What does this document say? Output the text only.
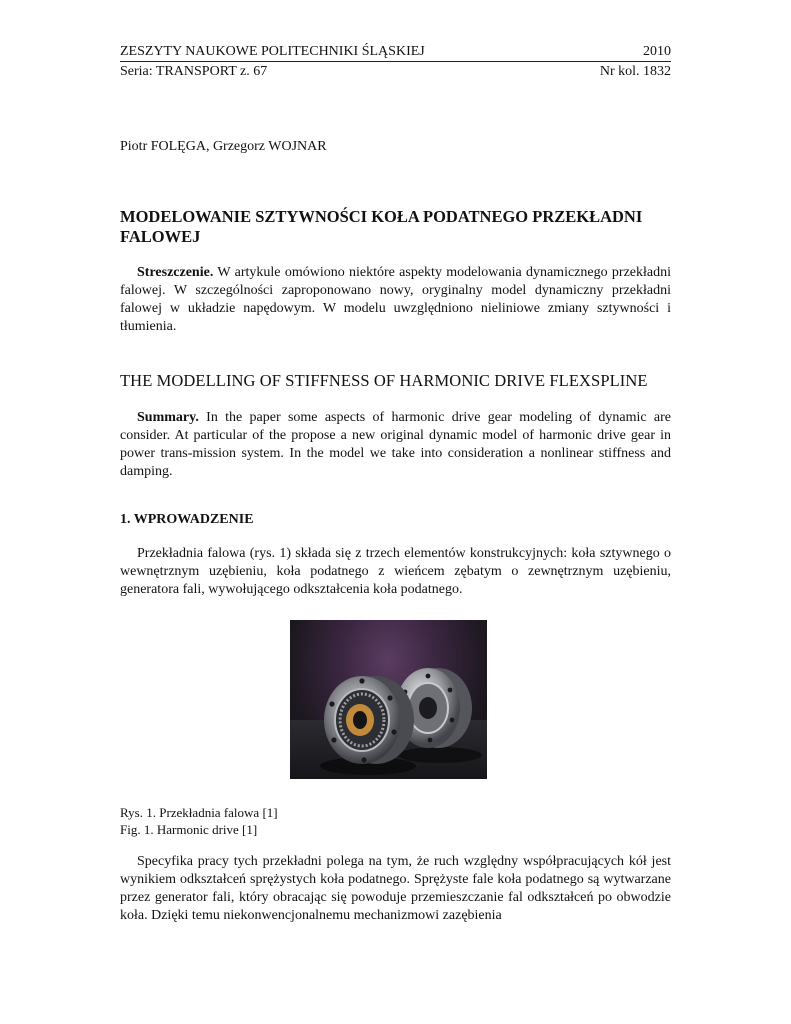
ZESZYTY NAUKOWE POLITECHNIKI ŚLĄSKIEJ	2010
Seria: TRANSPORT z. 67	Nr kol. 1832
Piotr FOLĘGA, Grzegorz WOJNAR
MODELOWANIE SZTYWNOŚCI KOŁA PODATNEGO PRZEKŁADNI FALOWEJ

Streszczenie. W artykule omówiono niektóre aspekty modelowania dynamicznego przekładni falowej. W szczególności zaproponowano nowy, oryginalny model dynamiczny przekładni falowej w układzie napędowym. W modelu uwzględniono nieliniowe zmiany sztywności i tłumienia.

THE MODELLING OF STIFFNESS OF HARMONIC DRIVE FLEXSPLINE

Summary. In the paper some aspects of harmonic drive gear modeling of dynamic are consider. At particular of the propose a new original dynamic model of harmonic drive gear in power trans-mission system. In the model we take into consideration a nonlinear stiffness and damping.

1. WPROWADZENIE

Przekładnia falowa (rys. 1) składa się z trzech elementów konstrukcyjnych: koła sztywnego o wewnętrznym uzębieniu, koła podatnego z wieńcem zębatym o zewnętrznym uzębieniu, generatora fali, wywołującego odkształcenia koła podatnego.

Rys. 1. Przekładnia falowa [1]
Fig. 1. Harmonic drive [1]

Specyfika pracy tych przekładni polega na tym, że ruch względny współpracujących kół jest wynikiem odkształceń sprężystych koła podatnego. Sprężyste fale koła podatnego są wytwarzane przez generator fali, który obracając się powoduje przemieszczanie fal odkształceń po obwodzie koła. Dzięki temu niekonwencjonalnemu mechanizmowi zazębienia
